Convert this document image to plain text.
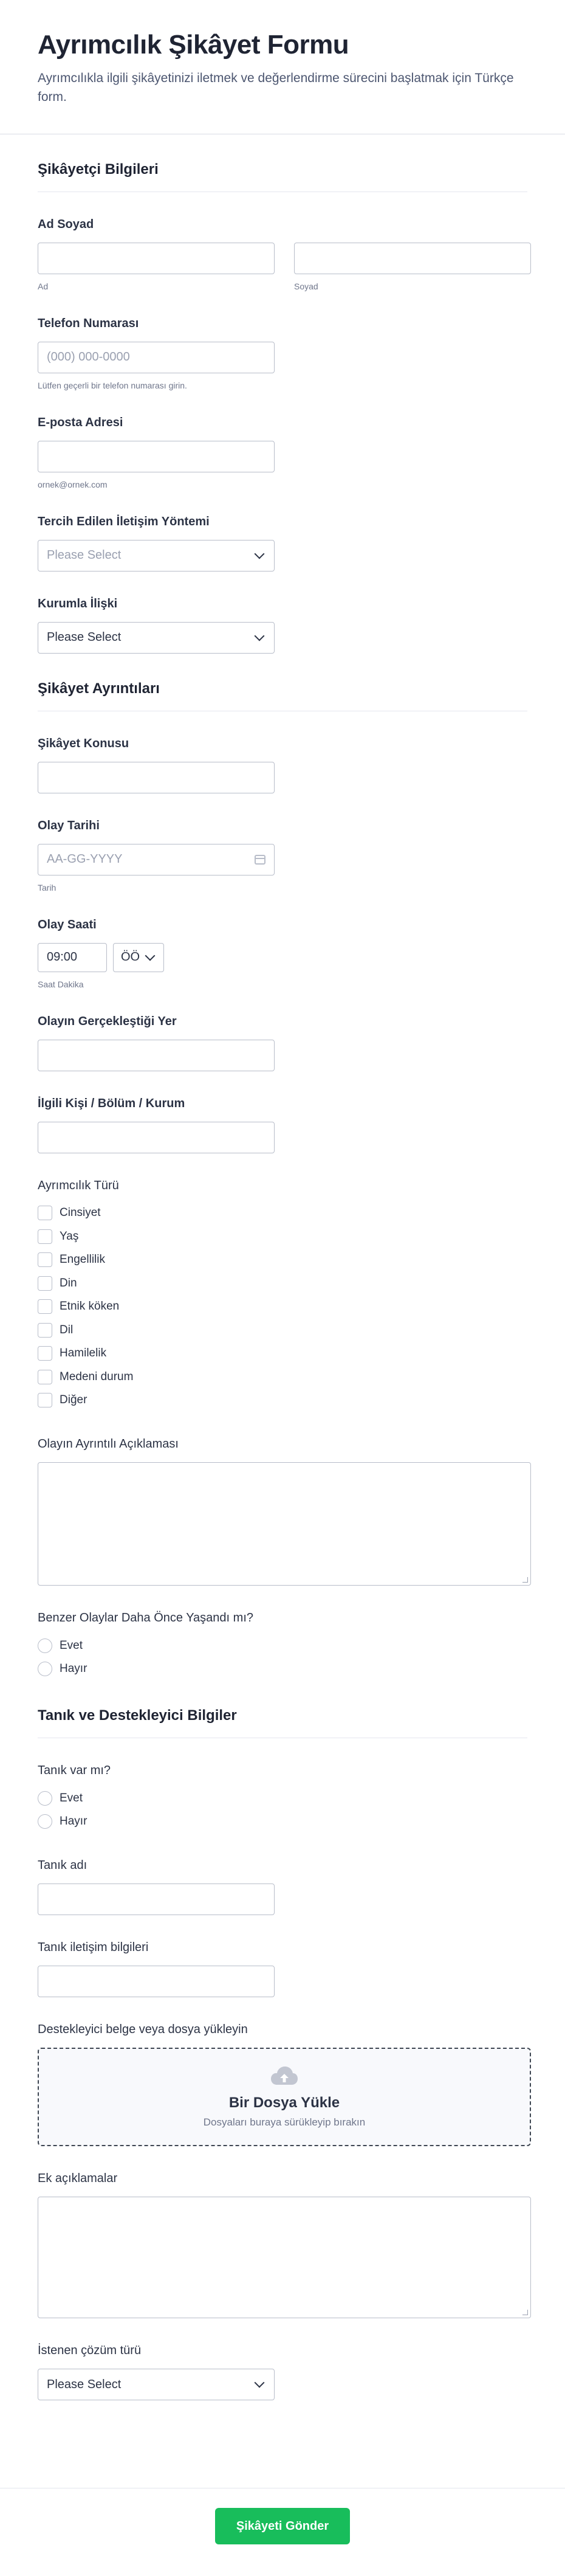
Ayrımcılık Şikâyet Formu

Ayrımcılıkla ilgili şikâyetinizi iletmek ve değerlendirme sürecini başlatmak için Türkçe form.

Şikâyetçi Bilgileri
Ad Soyad
Ad	Soyad
Telefon Numarası
(000) 000-0000
Lütfen geçerli bir telefon numarası girin.
E-posta Adresi
ornek@ornek.com
Tercih Edilen İletişim Yöntemi
Please Select
Kurumla İlişki
Please Select
Şikâyet Ayrıntıları
Şikâyet Konusu
Olay Tarihi
AA-GG-YYYY
Tarih
Olay Saati
09:00	ÖÖ
Saat Dakika
Olayın Gerçekleştiği Yer
İlgili Kişi / Bölüm / Kurum
Ayrımcılık Türü
Cinsiyet
Yaş
Engellilik
Din
Etnik köken
Dil
Hamilelik
Medeni durum
Diğer
Olayın Ayrıntılı Açıklaması
Benzer Olaylar Daha Önce Yaşandı mı?
Evet
Hayır
Tanık ve Destekleyici Bilgiler
Tanık var mı?
Evet
Hayır
Tanık adı
Tanık iletişim bilgileri
Destekleyici belge veya dosya yükleyin
Bir Dosya Yükle
Dosyaları buraya sürükleyip bırakın
Ek açıklamalar
İstenen çözüm türü
Please Select
Şikâyeti Gönder
